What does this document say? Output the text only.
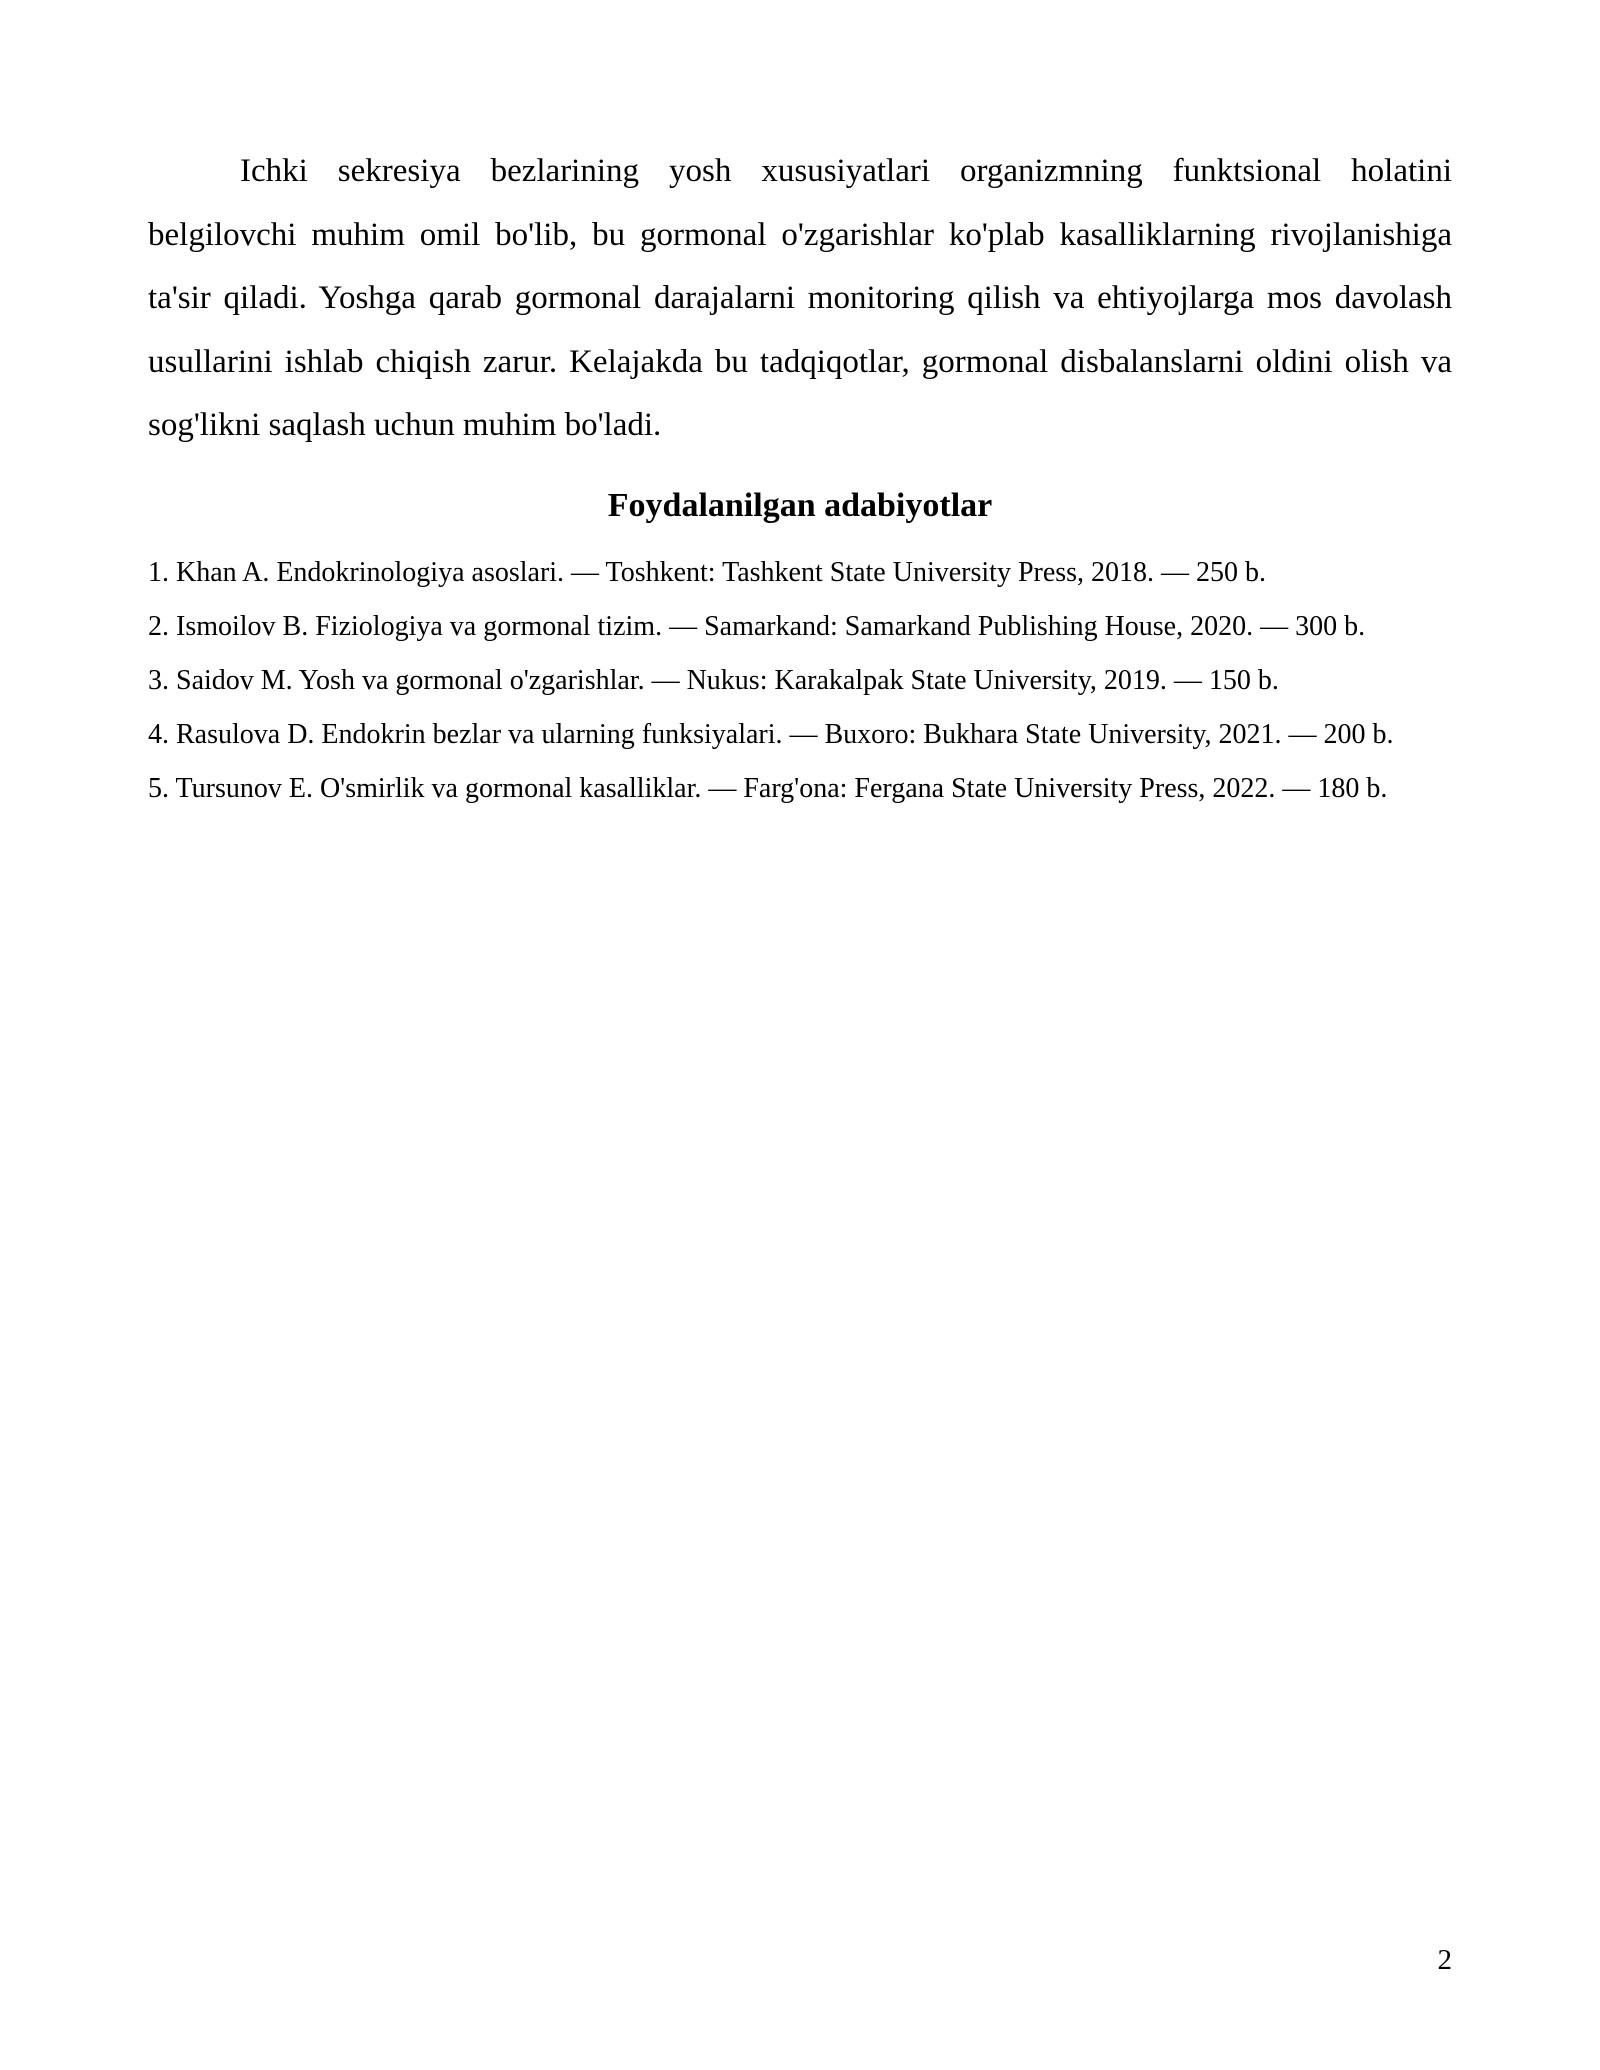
Ichki sekresiya bezlarining yosh xususiyatlari organizmning funktsional holatini belgilovchi muhim omil bo'lib, bu gormonal o'zgarishlar ko'plab kasalliklarning rivojlanishiga ta'sir qiladi. Yoshga qarab gormonal darajalarni monitoring qilish va ehtiyojlarga mos davolash usullarini ishlab chiqish zarur. Kelajakda bu tadqiqotlar, gormonal disbalanslarni oldini olish va sog'likni saqlash uchun muhim bo'ladi.

Foydalanilgan adabiyotlar
1. Khan A. Endokrinologiya asoslari. — Toshkent: Tashkent State University Press, 2018. — 250 b.
2. Ismoilov B. Fiziologiya va gormonal tizim. — Samarkand: Samarkand Publishing House, 2020. — 300 b.
3. Saidov M. Yosh va gormonal o'zgarishlar. — Nukus: Karakalpak State University, 2019. — 150 b.
4. Rasulova D. Endokrin bezlar va ularning funksiyalari. — Buxoro: Bukhara State University, 2021. — 200 b.
5. Tursunov E. O'smirlik va gormonal kasalliklar. — Farg'ona: Fergana State University Press, 2022. — 180 b.
2
